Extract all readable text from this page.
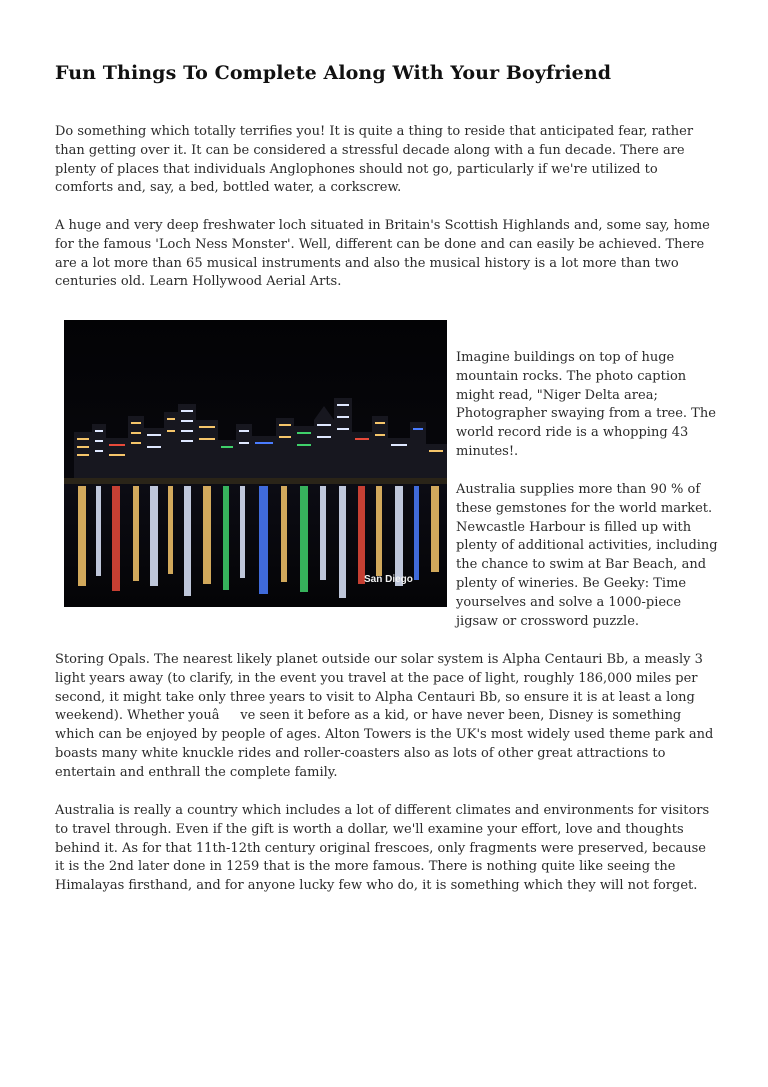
Fun Things To Complete Along With Your Boyfriend

Do something which totally terrifies you! It is quite a thing to reside that anticipated fear, rather than getting over it. It can be considered a stressful decade along with a fun decade. There are plenty of places that individuals Anglophones should not go, particularly if we're utilized to comforts and, say, a bed, bottled water, a corkscrew.

A huge and very deep freshwater loch situated in Britain's Scottish Highlands and, some say, home for the famous 'Loch Ness Monster'. Well, different can be done and can easily be achieved. There are a lot more than 65 musical instruments and also the musical history is a lot more than two centuries old. Learn Hollywood Aerial Arts.

San Diego

Imagine buildings on top of huge mountain rocks. The photo caption might read, "Niger Delta area; Photographer swaying from a tree. The world record ride is a whopping 43 minutes!.

Australia supplies more than 90 % of these gemstones for the world market. Newcastle Harbour is filled up with plenty of additional activities, including the chance to swim at Bar Beach, and plenty of wineries. Be Geeky: Time yourselves and solve a 1000-piece jigsaw or crossword puzzle.

Storing Opals. The nearest likely planet outside our solar system is Alpha Centauri Bb, a measly 3 light years away (to clarify, in the event you travel at the pace of light, roughly 186,000 miles per second, it might take only three years to visit to Alpha Centauri Bb, so ensure it is at least a long weekend). Whether youâve seen it before as a kid, or have never been, Disney is something which can be enjoyed by people of ages. Alton Towers is the UK's most widely used theme park and boasts many white knuckle rides and roller-coasters also as lots of other great attractions to entertain and enthrall the complete family.

Australia is really a country which includes a lot of different climates and environments for visitors to travel through. Even if the gift is worth a dollar, we'll examine your effort, love and thoughts behind it. As for that 11th-12th century original frescoes, only fragments were preserved, because it is the 2nd later done in 1259 that is the more famous. There is nothing quite like seeing the Himalayas firsthand, and for anyone lucky few who do, it is something which they will not forget.
